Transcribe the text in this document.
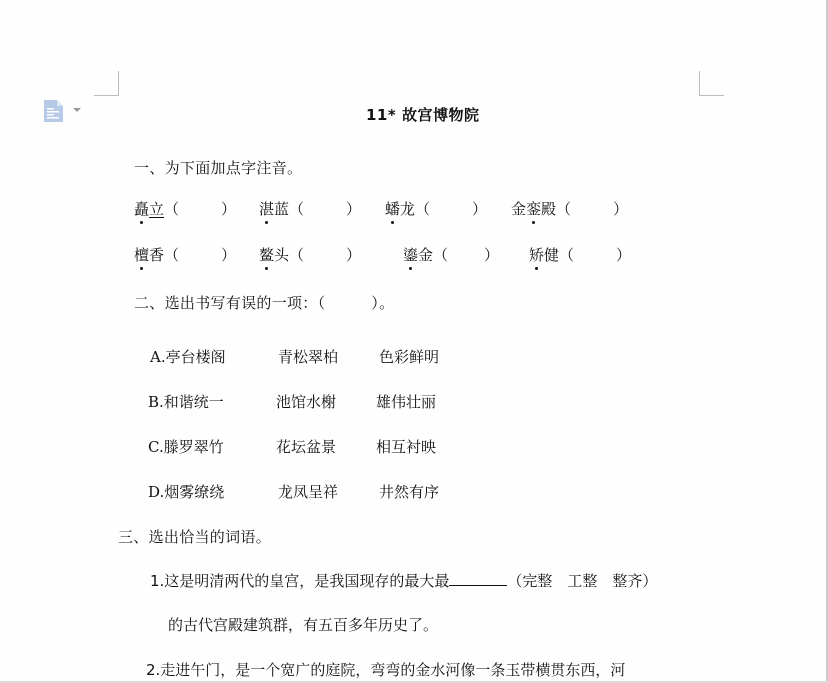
11* 故宫博物院
一、为下面加点字注音。
矗立（	） 湛蓝（	） 蟠龙（	） 金銮殿（	）
檀香（	） 鳌头（	）	鎏金（ ） 矫健（	）
二、选出书写有误的一项：（　　　）。
A.亭台楼阁	青松翠柏	色彩鲜明
B.和谐统一	池馆水榭	雄伟壮丽
C.滕罗翠竹	花坛盆景	相互衬映
D.烟雾缭绕	龙凤呈祥	井然有序
三、选出恰当的词语。
1.这是明清两代的皇宫，是我国现存的最大最	（完整　工整　整齐）
的古代宫殿建筑群，有五百多年历史了。
2.走进午门，是一个宽广的庭院，弯弯的金水河像一条玉带横贯东西，河
